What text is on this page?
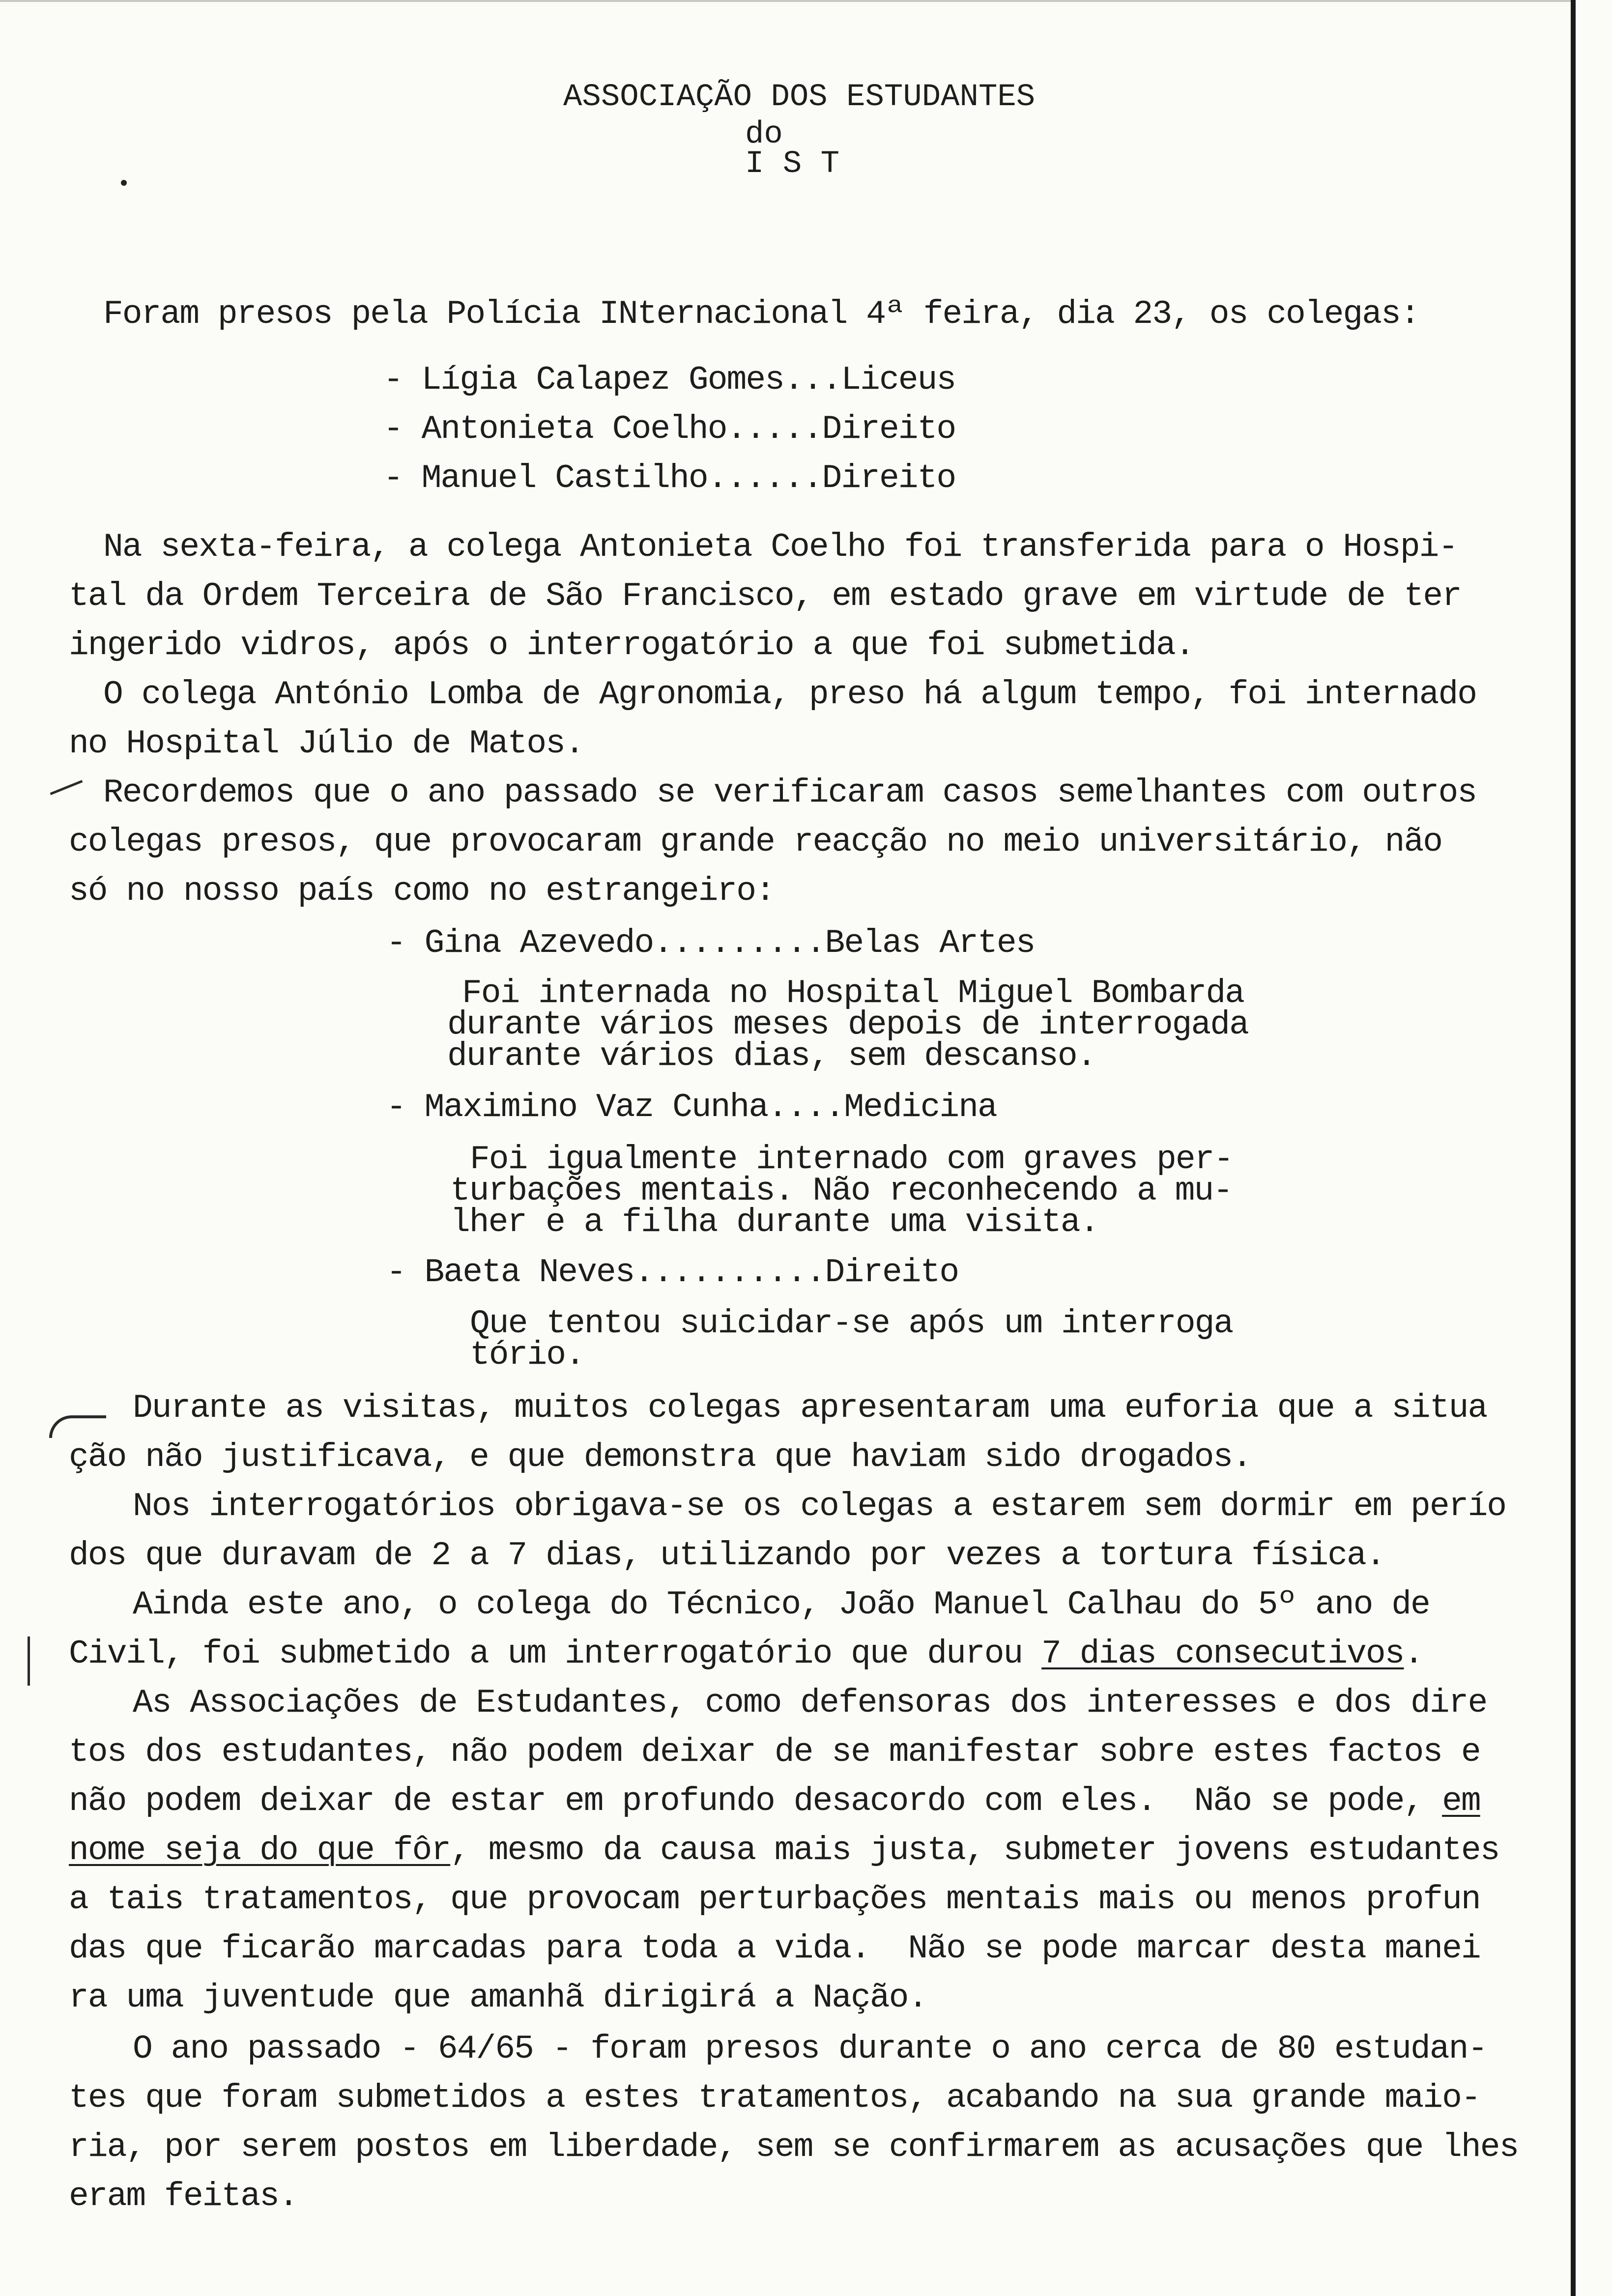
ASSOCIAÇÃO DOS ESTUDANTES
do
I S T
Foram presos pela Polícia INternacional 4ª feira, dia 23, os colegas:
- Lígia Calapez Gomes...Liceus
- Antonieta Coelho.....Direito
- Manuel Castilho......Direito
Na sexta-feira, a colega Antonieta Coelho foi transferida para o Hospi-
tal da Ordem Terceira de São Francisco, em estado grave em virtude de ter
ingerido vidros, após o interrogatório a que foi submetida.
O colega António Lomba de Agronomia, preso há algum tempo, foi internado
no Hospital Júlio de Matos.
Recordemos que o ano passado se verificaram casos semelhantes com outros
colegas presos, que provocaram grande reacção no meio universitário, não
só no nosso país como no estrangeiro:
- Gina Azevedo.........Belas Artes
Foi internada no Hospital Miguel Bombarda
durante vários meses depois de interrogada
durante vários dias, sem descanso.
- Maximino Vaz Cunha....Medicina
Foi igualmente internado com graves per-
turbações mentais. Não reconhecendo a mu-
lher e a filha durante uma visita.
- Baeta Neves..........Direito
Que tentou suicidar-se após um interroga
tório.
Durante as visitas, muitos colegas apresentaram uma euforia que a situa
ção não justificava, e que demonstra que haviam sido drogados.
Nos interrogatórios obrigava-se os colegas a estarem sem dormir em perío
dos que duravam de 2 a 7 dias, utilizando por vezes a tortura física.
Ainda este ano, o colega do Técnico, João Manuel Calhau do 5º ano de
Civil, foi submetido a um interrogatório que durou 7 dias consecutivos.
As Associações de Estudantes, como defensoras dos interesses e dos dire
tos dos estudantes, não podem deixar de se manifestar sobre estes factos e
não podem deixar de estar em profundo desacordo com eles.  Não se pode, em
nome seja do que fôr, mesmo da causa mais justa, submeter jovens estudantes
a tais tratamentos, que provocam perturbações mentais mais ou menos profun
das que ficarão marcadas para toda a vida.  Não se pode marcar desta manei
ra uma juventude que amanhã dirigirá a Nação.
O ano passado - 64/65 - foram presos durante o ano cerca de 80 estudan-
tes que foram submetidos a estes tratamentos, acabando na sua grande maio-
ria, por serem postos em liberdade, sem se confirmarem as acusações que lhes
eram feitas.
